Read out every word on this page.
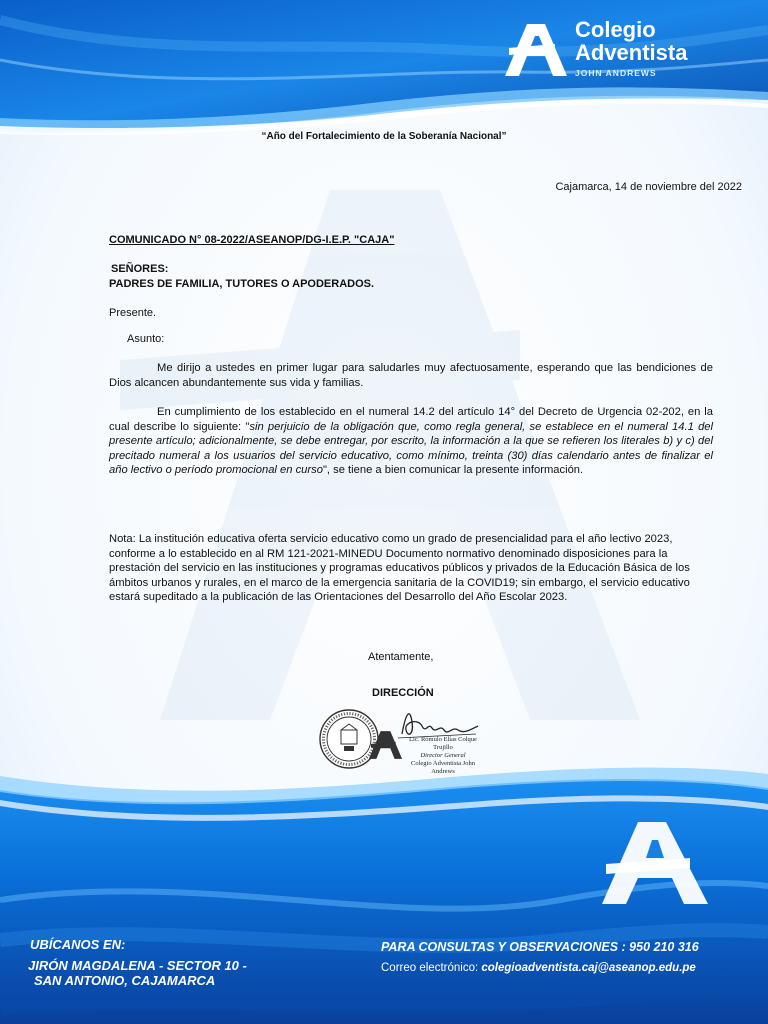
Colegio
Adventista
JOHN ANDREWS
“Año del Fortalecimiento de la Soberanía Nacional”
Cajamarca, 14 de noviembre del 2022
COMUNICADO N° 08-2022/ASEANOP/DG-I.E.P. "CAJA"
SEÑORES:
PADRES DE FAMILIA, TUTORES O APODERADOS.
Presente.
Asunto:

Me dirijo a ustedes en primer lugar para saludarles muy afectuosamente, esperando que las bendiciones de Dios alcancen abundantemente sus vida y familias.

En cumplimiento de los establecido en el numeral 14.2 del artículo 14° del Decreto de Urgencia 02-202, en la cual describe lo siguiente: "sin perjuicio de la obligación que, como regla general, se establece en el numeral 14.1 del presente artículo; adicionalmente, se debe entregar, por escrito, la información a la que se refieren los literales b) y c) del precitado numeral a los usuarios del servicio educativo, como mínimo, treinta (30) días calendario antes de finalizar el año lectivo o período promocional en curso", se tiene a bien comunicar la presente información.

Nota: La institución educativa oferta servicio educativo como un grado de presencialidad para el año lectivo 2023, conforme a lo establecido en al RM 121-2021-MINEDU Documento normativo denominado disposiciones para la prestación del servicio en las instituciones y programas educativos públicos y privados de la Educación Básica de los ámbitos urbanos y rurales, en el marco de la emergencia sanitaria de la COVID19; sin embargo, el servicio educativo estará supeditado a la publicación de las Orientaciones del Desarrollo del Año Escolar 2023.

Atentamente,
DIRECCIÓN
Lic. Rómulo Elías Colque Trujillo
Director General
Colegio Adventista John Andrews
UBÍCANOS EN:
JIRÓN MAGDALENA - SECTOR 10 -
SAN ANTONIO, CAJAMARCA
PARA CONSULTAS Y OBSERVACIONES : 950 210 316
Correo electrónico: colegioadventista.caj@aseanop.edu.pe
